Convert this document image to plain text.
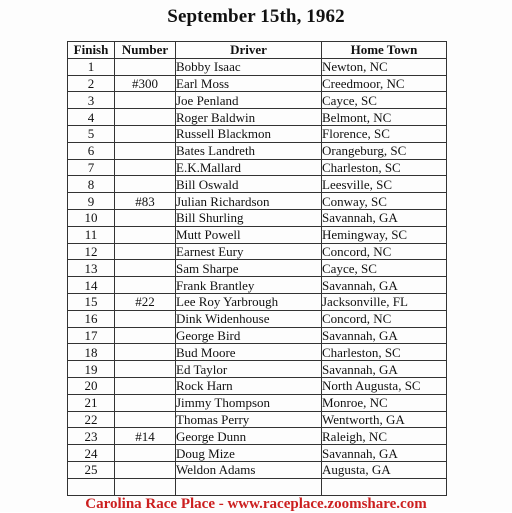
September 15th, 1962
Finish	Number	Driver	Home Town
1		Bobby Isaac	Newton, NC
2	#300	Earl Moss	Creedmoor, NC
3		Joe Penland	Cayce, SC
4		Roger Baldwin	Belmont, NC
5		Russell Blackmon	Florence, SC
6		Bates Landreth	Orangeburg, SC
7		E.K.Mallard	Charleston, SC
8		Bill Oswald	Leesville, SC
9	#83	Julian Richardson	Conway, SC
10		Bill Shurling	Savannah, GA
11		Mutt Powell	Hemingway, SC
12		Earnest Eury	Concord, NC
13		Sam Sharpe	Cayce, SC
14		Frank Brantley	Savannah, GA
15	#22	Lee Roy Yarbrough	Jacksonville, FL
16		Dink Widenhouse	Concord, NC
17		George Bird	Savannah, GA
18		Bud Moore	Charleston, SC
19		Ed Taylor	Savannah, GA
20		Rock Harn	North Augusta, SC
21		Jimmy Thompson	Monroe, NC
22		Thomas Perry	Wentworth, GA
23	#14	George Dunn	Raleigh, NC
24		Doug Mize	Savannah, GA
25		Weldon Adams	Augusta, GA

Carolina Race Place - www.raceplace.zoomshare.com
